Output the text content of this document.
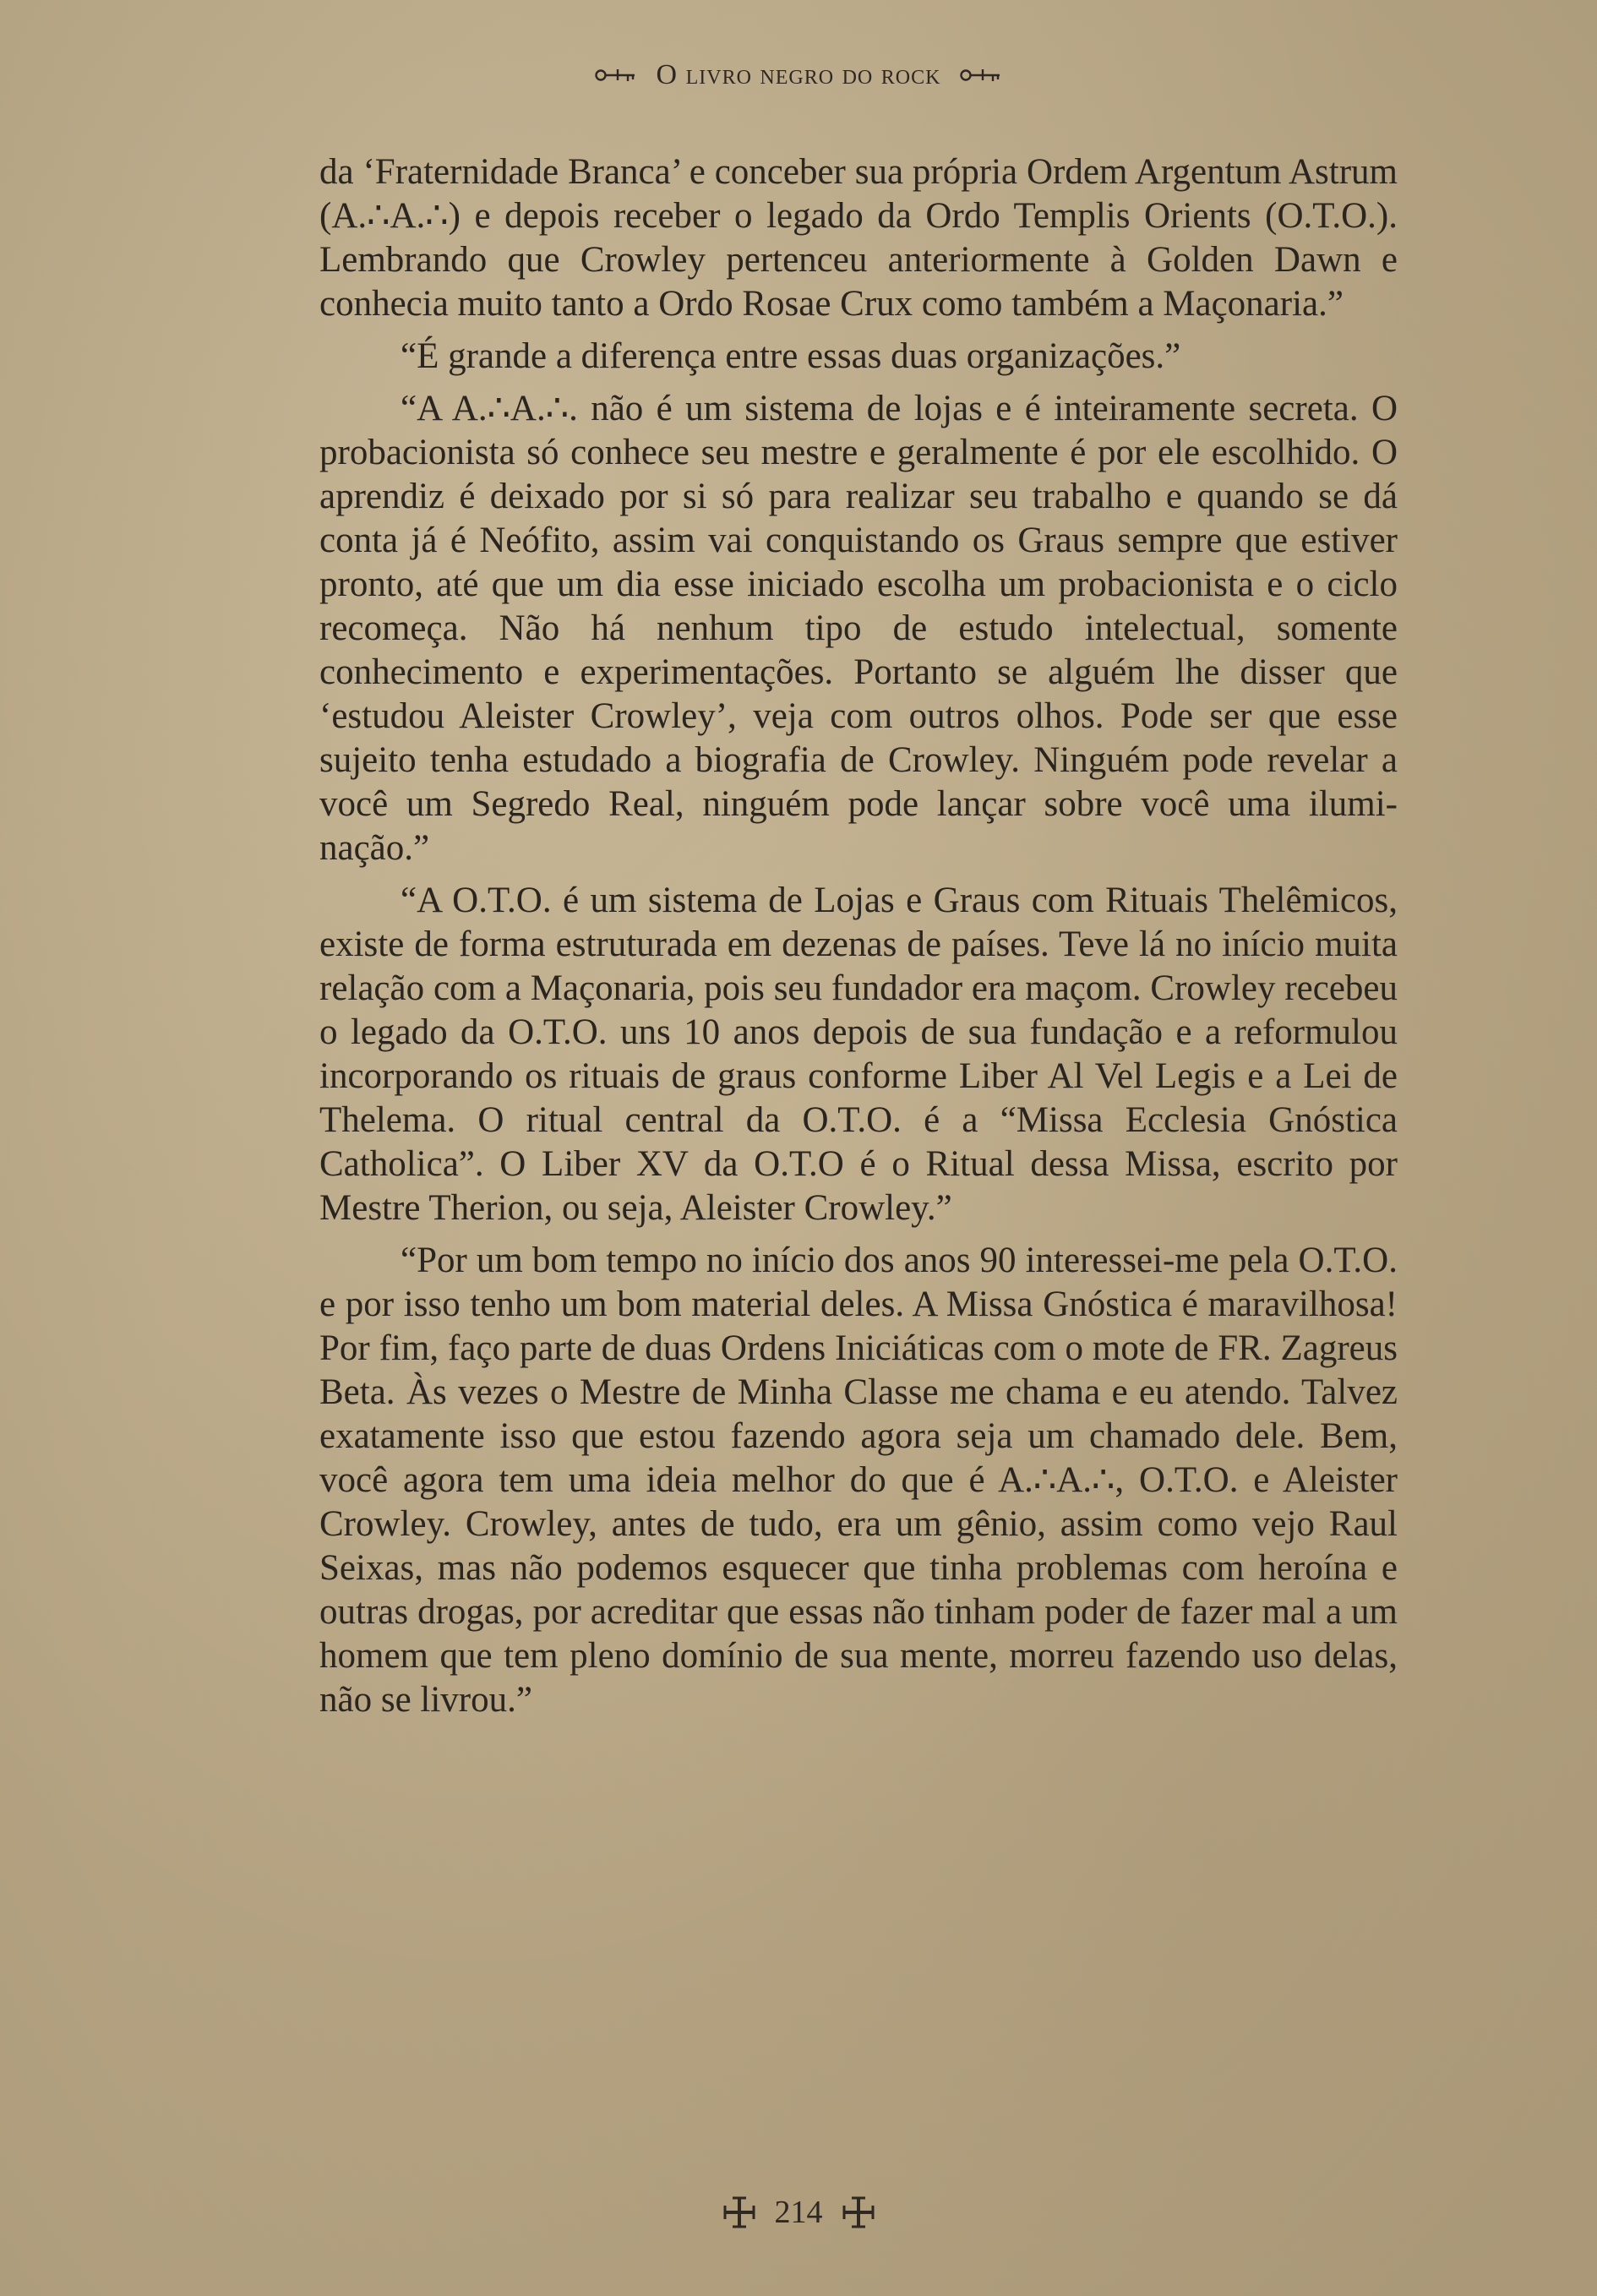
O livro negro do rock

da ‘Fraternidade Branca’ e conceber sua própria Ordem Argentum Astrum (A.∴A.∴) e depois receber o legado da Ordo Templis Orients (O.T.O.). Lembrando que Crowley pertenceu anteriormente à Golden Dawn e conhecia muito tanto a Ordo Rosae Crux como também a Maçonaria.”

“É grande a diferença entre essas duas organizações.”

“A A.∴A.∴. não é um sistema de lojas e é inteiramente secreta. O probacionista só conhece seu mestre e geralmente é por ele escolhido. O aprendiz é deixado por si só para realizar seu trabalho e quando se dá conta já é Neófito, assim vai conquistando os Graus sempre que estiver pronto, até que um dia esse iniciado escolha um probacionista e o ciclo recomeça. Não há nenhum tipo de estudo intelectual, somente conhecimento e experimentações. Portanto se alguém lhe disser que ‘estudou Aleister Crowley’, veja com outros olhos. Pode ser que esse sujeito tenha estudado a biografia de Crowley. Ninguém pode revelar a você um Segredo Real, ninguém pode lançar sobre você uma iluminação.”

“A O.T.O. é um sistema de Lojas e Graus com Rituais Thelêmicos, existe de forma estruturada em dezenas de países. Teve lá no início muita relação com a Maçonaria, pois seu fundador era maçom. Crowley recebeu o legado da O.T.O. uns 10 anos depois de sua fundação e a reformulou incorporando os rituais de graus conforme Liber Al Vel Legis e a Lei de Thelema. O ritual central da O.T.O. é a “Missa Ecclesia Gnóstica Catholica”. O Liber XV da O.T.O é o Ritual dessa Missa, escrito por Mestre Therion, ou seja, Aleister Crowley.”

“Por um bom tempo no início dos anos 90 interessei-me pela O.T.O. e por isso tenho um bom material deles. A Missa Gnóstica é maravilhosa! Por fim, faço parte de duas Ordens Iniciáticas com o mote de FR. Zagreus Beta. Às vezes o Mestre de Minha Classe me chama e eu atendo. Talvez exatamente isso que estou fazendo agora seja um chamado dele. Bem, você agora tem uma ideia melhor do que é A.∴A.∴, O.T.O. e Aleister Crowley. Crowley, antes de tudo, era um gênio, assim como vejo Raul Seixas, mas não podemos esquecer que tinha problemas com heroína e outras drogas, por acreditar que essas não tinham poder de fazer mal a um homem que tem pleno domínio de sua mente, morreu fazendo uso delas, não se livrou.”

214
